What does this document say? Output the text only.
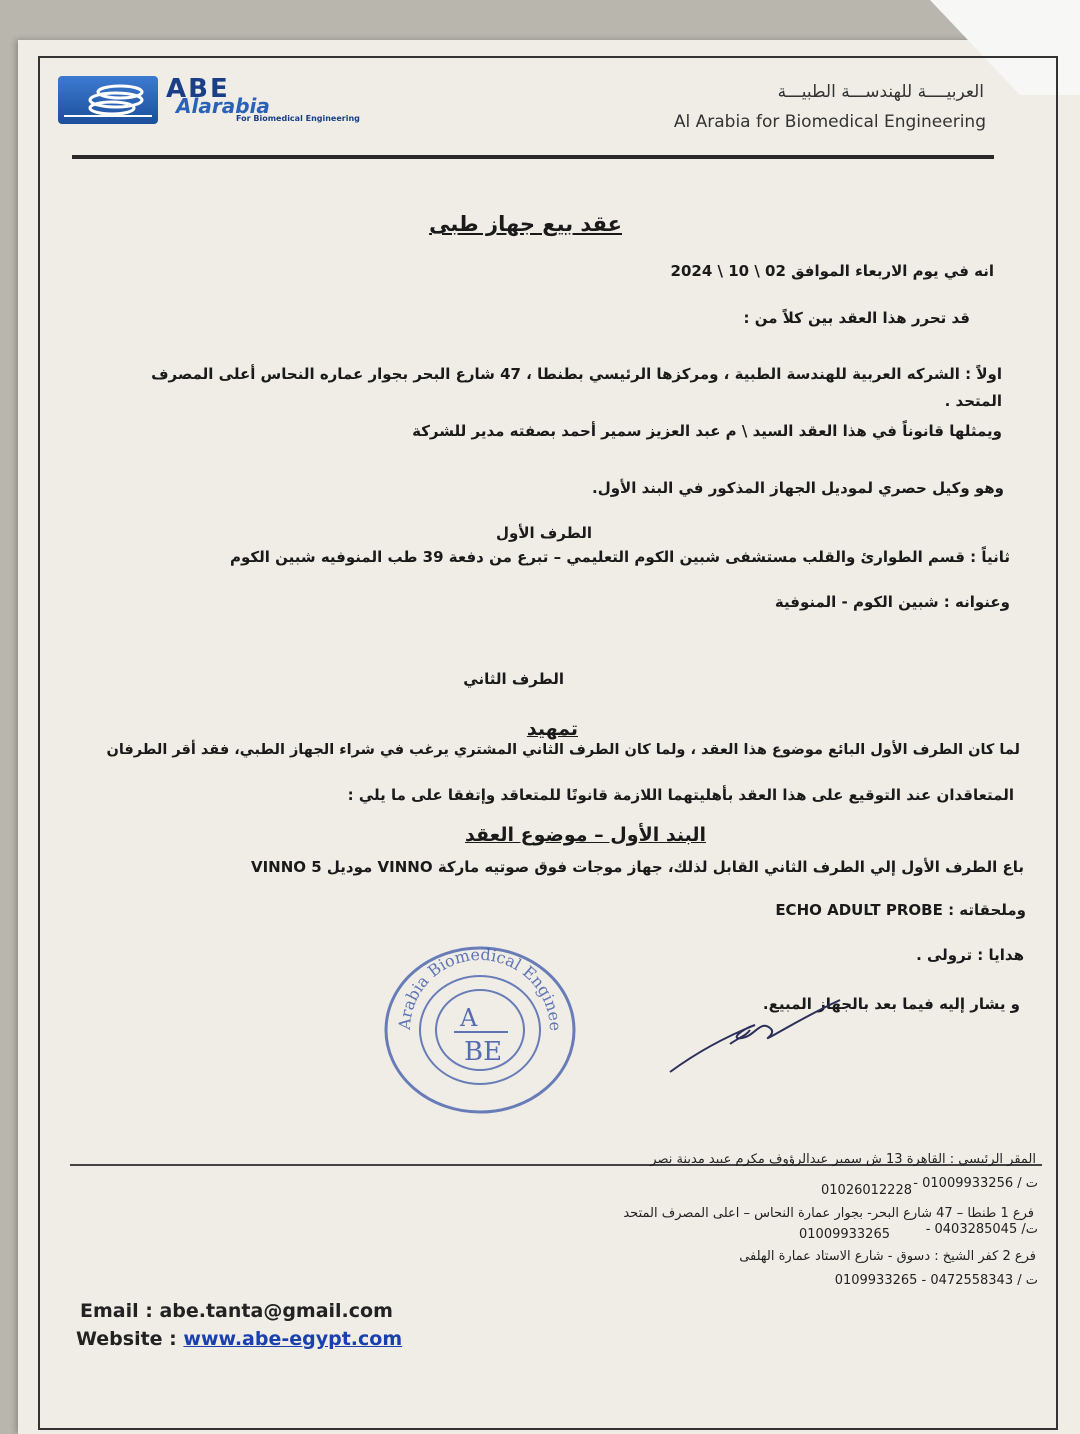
ABE
Alarabia
For Biomedical Engineering
العربيــــة للهندســـة الطبيـــة
Al Arabia for Biomedical Engineering
عقد بيع جهاز طبى
انه في يوم الاربعاء الموافق 02 \ 10 \ 2024
قد تحرر هذا العقد بين كلاً من :
اولاً : الشركه العربية للهندسة الطبية ، ومركزها الرئيسي بطنطا ، 47 شارع البحر بجوار عماره النحاس أعلى المصرف
المتحد .
ويمثلها قانوناً في هذا العقد السيد \ م عبد العزيز سمير أحمد بصفته مدير للشركة
وهو وكيل حصري لموديل الجهاز المذكور في البند الأول.
الطرف الأول
ثانياً : قسم الطوارئ والقلب مستشفى شبين الكوم التعليمي – تبرع من دفعة 39 طب المنوفيه شبين الكوم
وعنوانه : شبين الكوم - المنوفية
الطرف الثاني
تمهيد
لما كان الطرف الأول البائع موضوع هذا العقد ، ولما كان الطرف الثاني المشتري يرغب في شراء الجهاز الطبي، فقد أقر الطرفان
المتعاقدان عند التوقيع على هذا العقد بأهليتهما اللازمة قانونًا للمتعاقد وإتفقا على ما يلي :
البند الأول – موضوع العقد
باع الطرف الأول إلي الطرف الثاني القابل لذلك، جهاز موجات فوق صوتيه ماركة VINNO موديل VINNO 5
وملحقاته : ECHO ADULT PROBE
هدايا : ترولى .
و يشار إليه فيما بعد بالجهاز المبيع.
Arabia Biomedical Enginee
A
BE
المقر الرئيسي : القاهرة 13 ش سمير عبدالرؤوف مكرم عبيد مدينة نصر
ت / 01009933256 -
01026012228
فرع 1 طنطا – 47 شارع البحر- بجوار عمارة النحاس – اعلى المصرف المتحد
ت/ 0403285045 -
01009933265
فرع 2 كفر الشيخ : دسوق - شارع الاستاد عمارة الهلفى
ت / 0472558343 - 0109933265
Email : abe.tanta@gmail.com
Website : www.abe-egypt.com
